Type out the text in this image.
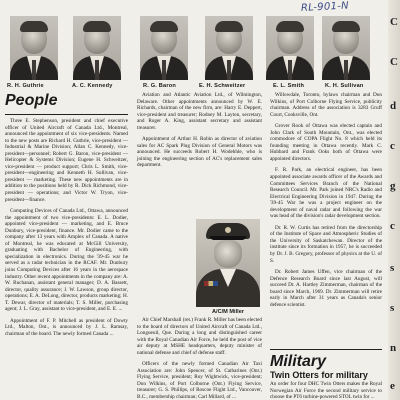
RL-901-N
C
C
d
c
g
c
s
s
n
e
R. H. Guthrie	A. C. Kennedy	R. G. Baron	E. H. Schweitzer	E. L. Smith	K. H. Sullivan
People

Three E. Stephenson, president and chief executive officer of United Aircraft of Canada Ltd., Montreal, announced the appointment of six vice-presidents. Named to the new posts are Richard H. Guthrie, vice-president — Industrial & Marine Division; Allan C. Kennedy, vice-president—personnel; Robert G. Baron, vice-president — Helicopter & Systems Division; Eugene H. Schweitzer, vice-president — product support; Chris L. Smith, vice-president—engineering and Kenneth H. Sullivan, vice-president — marketing. These new appointments are in addition to the positions held by R. Dick Richmond, vice-president — operations; and Victor W. Tryon, vice-president—finance.

Computing Devices of Canada Ltd., Ottawa, announced the appointment of two vice-presidents: E. L. Dodier, appointed vice-president — marketing, and E. Bruce Dunbury, vice-president, finance. Mr. Dodier came to the company after 13 years with Amplex of Canada. A native of Montreal, he was educated at McGill University, graduating with Bachelor of Engineering, with specialization in electronics. During the '39-45 war he served as a radar technician in the RCAF. Mr. Dunbury joins Computing Devices after 16 years in the aerospace industry. Other recent appointments in the company are: A. W. Buchanan, assistant general manager; D. A. Bassett, director, quality assurance; J. W. Lawson, group director, operations; E. A. DeLong, director, products marketing; H. T. Dewar, director of materials; T. S. Miller, purchasing agent; J. L. Gray, assistant to vice-president, and E. E. ...

Appointment of F. P. Mitchell as president of Dowty Ltd., Malton, Ont., is announced by J. L. Ramsay, chairman of the board. The newly formed Canada ...

Aviation and Atlantic Aviation Ltd., of Wilmington, Delaware. Other appointments announced by W. E. Richards, chairman of the new firm, are: Harry E. Deppert, vice-president and treasurer; Rodney M. Layton, secretary, and Roger A. King, assistant secretary and assistant treasurer.

Appointment of Arthur H. Robin as director of aviation sales for AC Spark Plug Division of General Motors was announced. He succeeds Robert H. Wodehhle, who is joining the engineering section of AC's replacement sales department.

A/C/M Miller

Air Chief Marshall (ret.) Frank R. Miller has been elected to the board of directors of United Aircraft of Canada Ltd., Longueuil, Que. During a long and distinguished career with the Royal Canadian Air Force, he held the post of vice air deputy at MSHE headquarters, deputy minister of national defense and chief of defense staff.

Officers of the newly formed Canadian Air Taxi Association are: John Spencer, of St. Catharines (Ont.) Flying Service, president; Roy Wightwick, vice-president; Don Wilkins, of Port Colborne (Ont.) Flying Service, treasurer; G. S. Phillips, of Roscoe Flight Ltd., Vancouver, B.C., membership chairman; Carl Millard, of ...

Willowdale, Toronto, bylaws chairman and Don Wilkins, of Port Colborne Flying Service, publicity chairman. Address of the association is 3283 Gruff Court, Cooksville, Ont.

Grover Rook of Ottawa was elected captain and John Clark of South Mountain, Ont., was elected commodore of COPA Flight No. 8 which held its founding meeting in Ottawa recently. Mark C. Hubbard and Frank Ooks both of Ottawa were appointed directors.

F. R. Park, an electrical engineer, has been appointed associate awards officer of the Awards and Committees Services Branch of the National Research Council. Mr. Park joined NRC's Radio and Electrical Engineering Division in 1947. During the '39-45 War he was a project engineer on the development of naval radar and following the war was head of the division's radar development section.

Dr. R. W. Curtis has retired from the directorship of the Institute of Space and Atmospheric Studies of the University of Saskatchewan. Director of the institute since its formation in 1957, he is succeeded by Dr. J. B. Gregory, professor of physics at the U. of S.

Dr. Robert James Uffen, vice chairman of the Defence Research Board since last August, will succeed Dr. A. Hartley Zimmerman, chairman of the board since March, 1969. Dr. Zimmerman will retire early in March after 31 years as Canada's senior defence scientist.

Military
Twin Otters for military
An order for four DHC Twin Otters makes the Royal Norwegian Air Force the second military service to choose the PT6 turbine-powered STOL twin for ...
